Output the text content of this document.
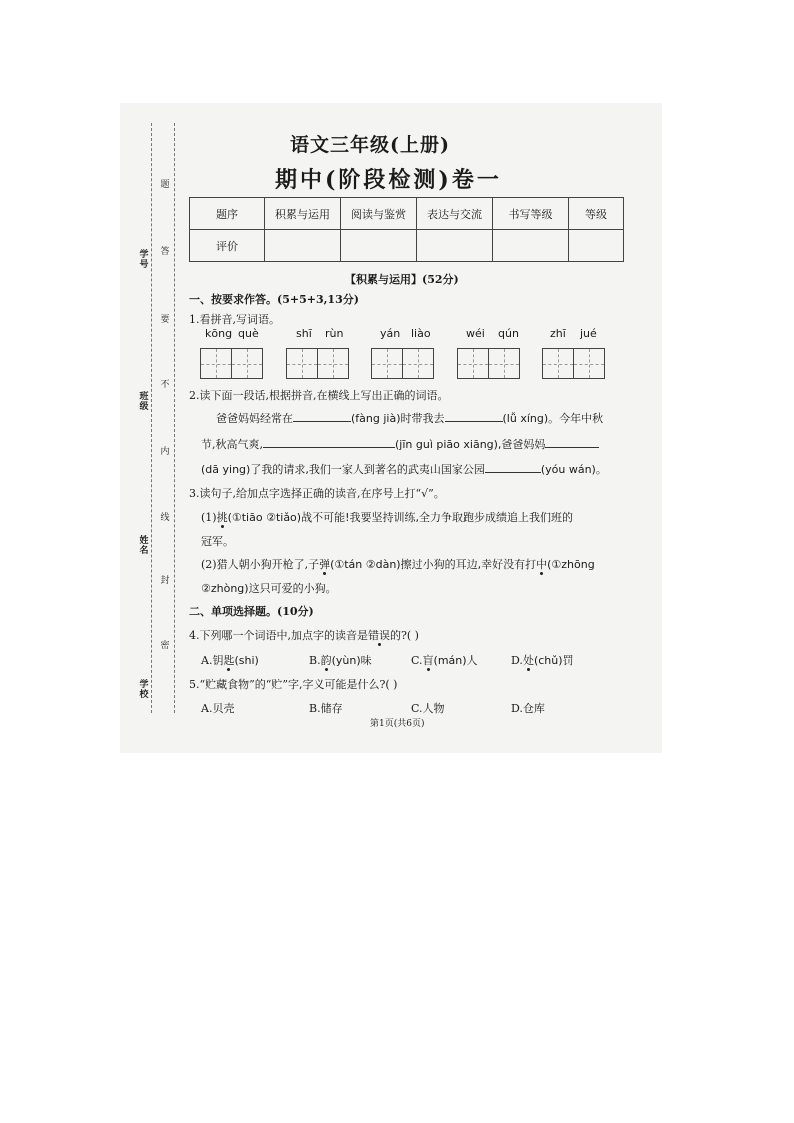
题
答
要
不
内
线
封
密
学号
班级
姓名
学校
语文三年级(上册)
期中(阶段检测)卷一
题序	积累与运用	阅读与鉴赏	表达与交流	书写等级	等级
评价					
【积累与运用】(52分)
一、按要求作答。(5+5+3,13分)
1.看拼音,写词语。
kōng què	shī rùn	yán liào	wéi qún	zhī jué
2.读下面一段话,根据拼音,在横线上写出正确的词语。
爸爸妈妈经常在	(fàng jià)时带我去	(lǚ xíng)。今年中秋
节,秋高气爽,	(jīn guì piāo xiāng),爸爸妈妈
(dā ying)了我的请求,我们一家人到著名的武夷山国家公园	(yóu wán)。
3.读句子,给加点字选择正确的读音,在序号上打“√”。
(1)挑(①tiāo ②tiǎo)战不可能!我要坚持训练,全力争取跑步成绩追上我们班的
冠军。
(2)猎人朝小狗开枪了,子弹(①tán ②dàn)擦过小狗的耳边,幸好没有打中(①zhōng
②zhòng)这只可爱的小狗。
二、单项选择题。(10分)
4.下列哪一个词语中,加点字的读音是错误的?( )
A.钥匙(shi)	B.韵(yùn)味	C.盲(mán)人	D.处(chǔ)罚
5.“贮藏食物”的“贮”字,字义可能是什么?( )
A.贝壳	B.储存	C.人物	D.仓库
第1页(共6页)
